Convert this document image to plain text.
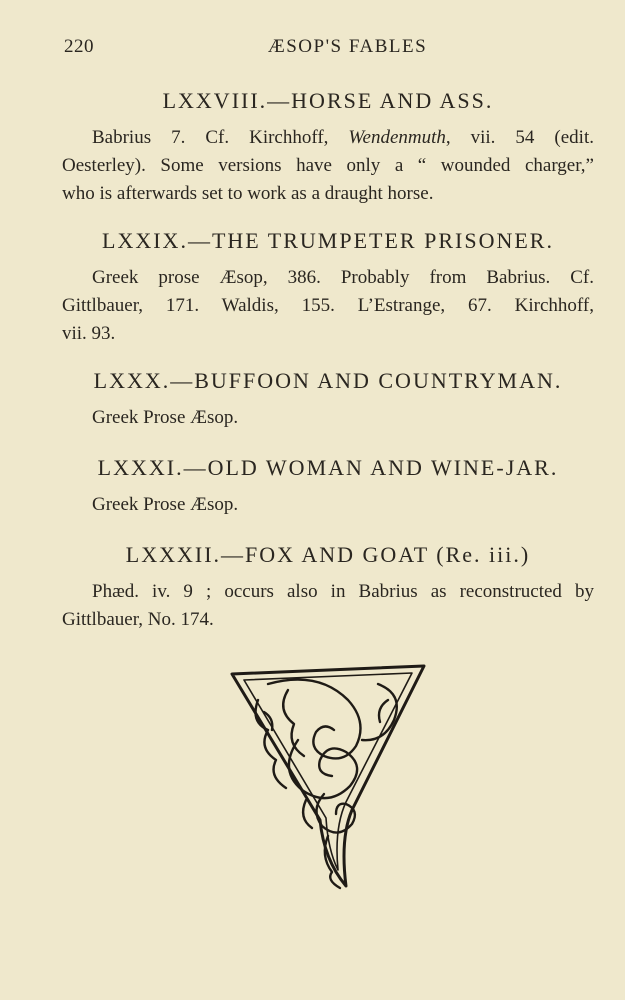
220	ÆSOP'S FABLES
LXXVIII.—HORSE AND ASS.
Babrius 7. Cf. Kirchhoff, Wendenmuth, vii. 54 (edit.
Oesterley). Some versions have only a “ wounded charger,”
who is afterwards set to work as a draught horse.
LXXIX.—THE TRUMPETER PRISONER.
Greek prose Æsop, 386. Probably from Babrius. Cf.
Gittlbauer, 171. Waldis, 155. L’Estrange, 67. Kirchhoff,
vii. 93.
LXXX.—BUFFOON AND COUNTRYMAN.
Greek Prose Æsop.
LXXXI.—OLD WOMAN AND WINE-JAR.
Greek Prose Æsop.
LXXXII.—FOX AND GOAT (Re. iii.)
Phæd. iv. 9 ; occurs also in Babrius as reconstructed by
Gittlbauer, No. 174.
